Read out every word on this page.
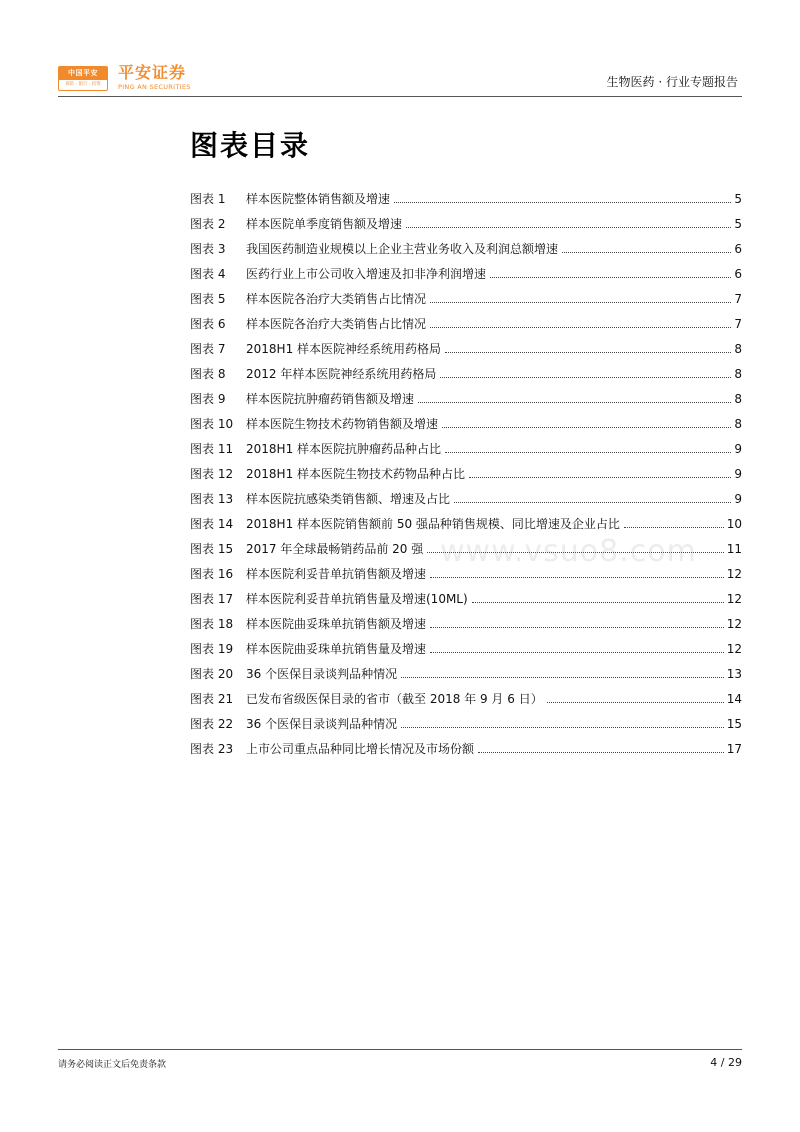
中国平安
保险 · 银行 · 投资
平安证券
PING AN SECURITIES	生物医药 · 行业专题报告
图表目录
图表 1	样本医院整体销售额及增速	5
图表 2	样本医院单季度销售额及增速	5
图表 3	我国医药制造业规模以上企业主营业务收入及利润总额增速	6
图表 4	医药行业上市公司收入增速及扣非净利润增速	6
图表 5	样本医院各治疗大类销售占比情况	7
图表 6	样本医院各治疗大类销售占比情况	7
图表 7	2018H1 样本医院神经系统用药格局	8
图表 8	2012 年样本医院神经系统用药格局	8
图表 9	样本医院抗肿瘤药销售额及增速	8
图表 10	样本医院生物技术药物销售额及增速	8
图表 11	2018H1 样本医院抗肿瘤药品种占比	9
图表 12	2018H1 样本医院生物技术药物品种占比	9
图表 13	样本医院抗感染类销售额、增速及占比	9
图表 14	2018H1 样本医院销售额前 50 强品种销售规模、同比增速及企业占比	10
图表 15	2017 年全球最畅销药品前 20 强	11
图表 16	样本医院利妥昔单抗销售额及增速	12
图表 17	样本医院利妥昔单抗销售量及增速(10ML)	12
图表 18	样本医院曲妥珠单抗销售额及增速	12
图表 19	样本医院曲妥珠单抗销售量及增速	12
图表 20	36 个医保目录谈判品种情况	13
图表 21	已发布省级医保目录的省市（截至 2018 年 9 月 6 日）	14
图表 22	36 个医保目录谈判品种情况	15
图表 23	上市公司重点品种同比增长情况及市场份额	17
www.vsuo8.com
请务必阅读正文后免责条款	4 / 29
